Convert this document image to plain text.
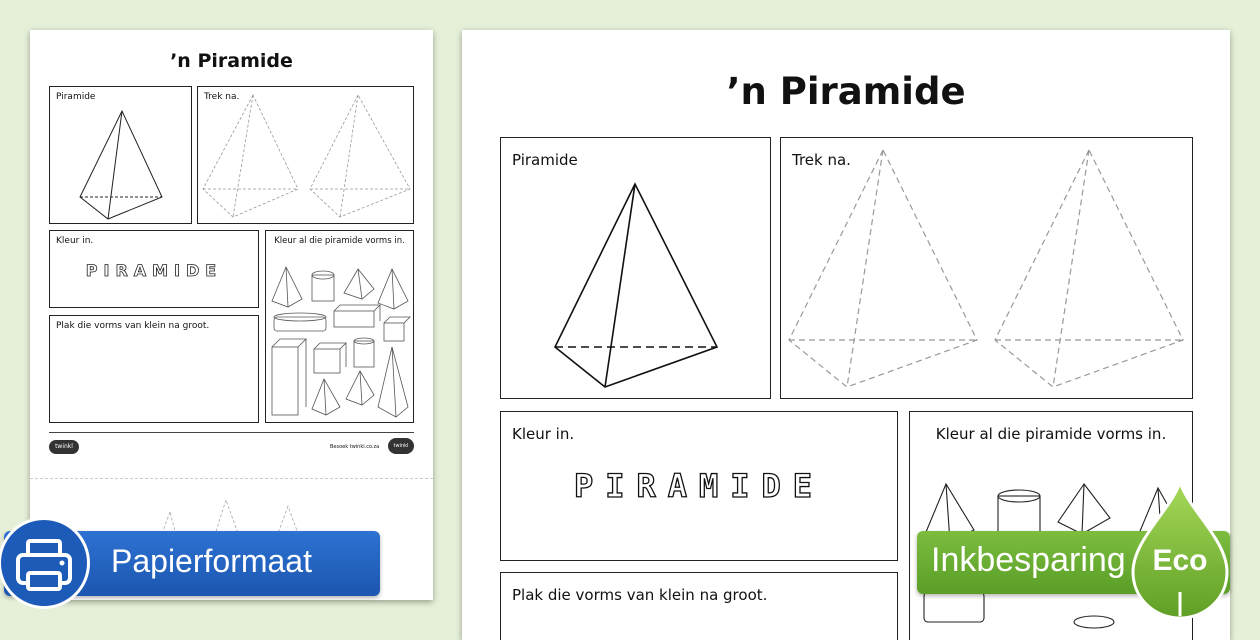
’n Piramide
Piramide	Trek na.
Kleur in.
PIRAMIDE
Plak die vorms van klein na groot.
Kleur al die piramide vorms in.
twinkl	Besoek twinkl.co.za	twinkl
’n Piramide
Piramide	Trek na.
Kleur in.
PIRAMIDE
Plak die vorms van klein na groot.
Kleur al die piramide vorms in.
Papierformaat	Inkbesparing Eco
